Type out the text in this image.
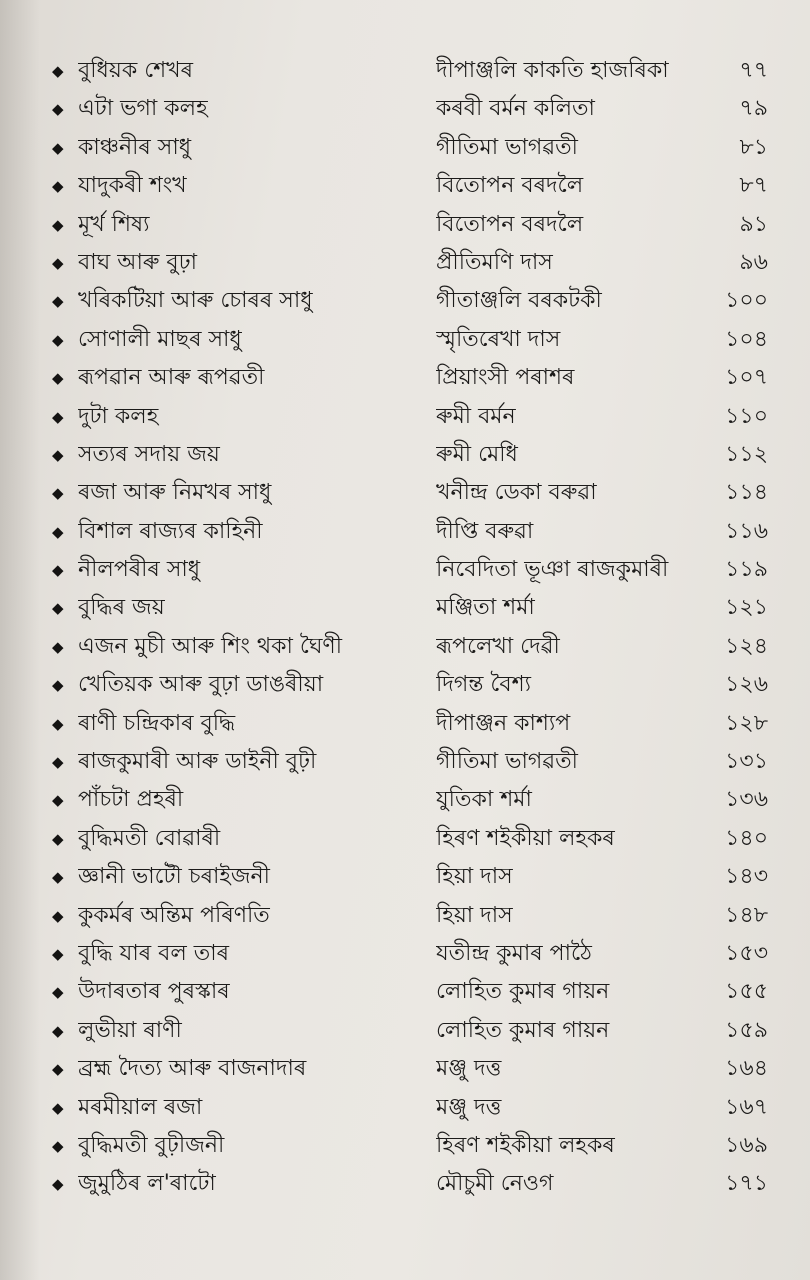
◆ বুধিয়ক শেখৰ	দীপাঞ্জলি কাকতি হাজৰিকা	৭৭
◆ এটা ভগা কলহ	কৰবী বৰ্মন কলিতা	৭৯
◆ কাঞ্চনীৰ সাধু	গীতিমা ভাগৱতী	৮১
◆ যাদুকৰী শংখ	বিতোপন বৰদলৈ	৮৭
◆ মূৰ্খ শিষ্য	বিতোপন বৰদলৈ	৯১
◆ বাঘ আৰু বুঢ়া	প্ৰীতিমণি দাস	৯৬
◆ খৰিকটিয়া আৰু চোৰৰ সাধু	গীতাঞ্জলি বৰকটকী	১০০
◆ সোণালী মাছৰ সাধু	স্মৃতিৰেখা দাস	১০৪
◆ ৰূপৱান আৰু ৰূপৱতী	প্ৰিয়াংসী পৰাশৰ	১০৭
◆ দুটা কলহ	ৰুমী বৰ্মন	১১০
◆ সত্যৰ সদায় জয়	ৰুমী মেধি	১১২
◆ ৰজা আৰু নিমখৰ সাধু	খনীন্দ্ৰ ডেকা বৰুৱা	১১৪
◆ বিশাল ৰাজ্যৰ কাহিনী	দীপ্তি বৰুৱা	১১৬
◆ নীলপৰীৰ সাধু	নিবেদিতা ভূঞা ৰাজকুমাৰী	১১৯
◆ বুদ্ধিৰ জয়	মঞ্জিতা শৰ্মা	১২১
◆ এজন মুচী আৰু শিং থকা ঘৈণী	ৰূপলেখা দেৱী	১২৪
◆ খেতিয়ক আৰু বুঢ়া ডাঙৰীয়া	দিগন্ত বৈশ্য	১২৬
◆ ৰাণী চন্দ্ৰিকাৰ বুদ্ধি	দীপাঞ্জন কাশ্যপ	১২৮
◆ ৰাজকুমাৰী আৰু ডাইনী বুঢ়ী	গীতিমা ভাগৱতী	১৩১
◆ পাঁচটা প্ৰহৰী	যুতিকা শৰ্মা	১৩৬
◆ বুদ্ধিমতী বোৱাৰী	হিৰণ শইকীয়া লহকৰ	১৪০
◆ জ্ঞানী ভাটৌ চৰাইজনী	হিয়া দাস	১৪৩
◆ কুকৰ্মৰ অন্তিম পৰিণতি	হিয়া দাস	১৪৮
◆ বুদ্ধি যাৰ বল তাৰ	যতীন্দ্ৰ কুমাৰ পাঠৈ	১৫৩
◆ উদাৰতাৰ পুৰস্কাৰ	লোহিত কুমাৰ গায়ন	১৫৫
◆ লুভীয়া ৰাণী	লোহিত কুমাৰ গায়ন	১৫৯
◆ ব্ৰহ্ম দৈত্য আৰু বাজনাদাৰ	মঞ্জু দত্ত	১৬৪
◆ মৰমীয়াল ৰজা	মঞ্জু দত্ত	১৬৭
◆ বুদ্ধিমতী বুঢ়ীজনী	হিৰণ শইকীয়া লহকৰ	১৬৯
◆ জুমুঠিৰ ল'ৰাটো	মৌচুমী নেওগ	১৭১
